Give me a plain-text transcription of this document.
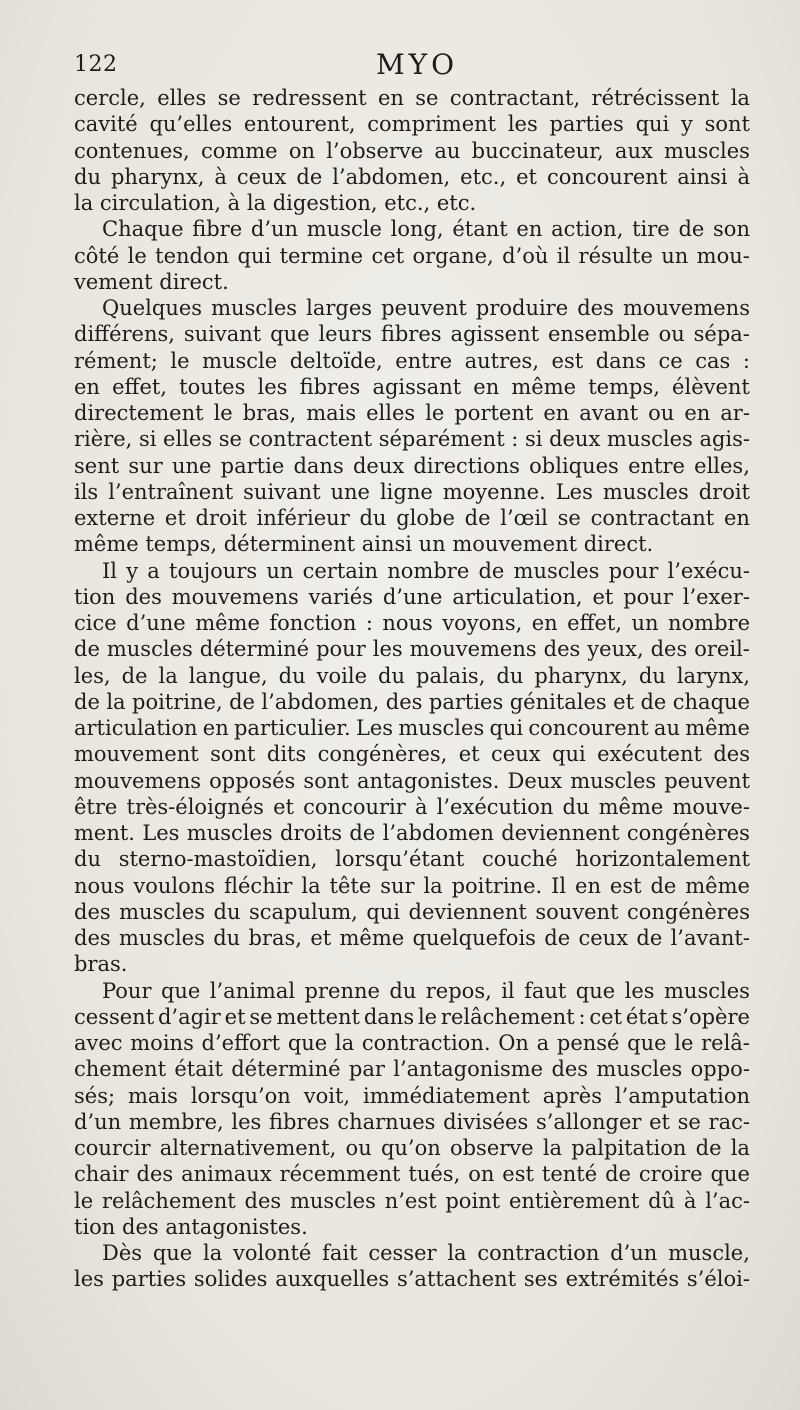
122	MYO
cercle, elles se redressent en se contractant, rétrécissent la
cavité qu’elles entourent, compriment les parties qui y sont
contenues, comme on l’observe au buccinateur, aux muscles
du pharynx, à ceux de l’abdomen, etc., et concourent ainsi à
la circulation, à la digestion, etc., etc.
Chaque fibre d’un muscle long, étant en action, tire de son
côté le tendon qui termine cet organe, d’où il résulte un mou-
vement direct.
Quelques muscles larges peuvent produire des mouvemens
différens, suivant que leurs fibres agissent ensemble ou sépa-
rément; le muscle deltoïde, entre autres, est dans ce cas :
en effet, toutes les fibres agissant en même temps, élèvent
directement le bras, mais elles le portent en avant ou en ar-
rière, si elles se contractent séparément : si deux muscles agis-
sent sur une partie dans deux directions obliques entre elles,
ils l’entraînent suivant une ligne moyenne. Les muscles droit
externe et droit inférieur du globe de l’œil se contractant en
même temps, déterminent ainsi un mouvement direct.
Il y a toujours un certain nombre de muscles pour l’exécu-
tion des mouvemens variés d’une articulation, et pour l’exer-
cice d’une même fonction : nous voyons, en effet, un nombre
de muscles déterminé pour les mouvemens des yeux, des oreil-
les, de la langue, du voile du palais, du pharynx, du larynx,
de la poitrine, de l’abdomen, des parties génitales et de chaque
articulation en particulier. Les muscles qui concourent au même
mouvement sont dits congénères, et ceux qui exécutent des
mouvemens opposés sont antagonistes. Deux muscles peuvent
être très-éloignés et concourir à l’exécution du même mouve-
ment. Les muscles droits de l’abdomen deviennent congénères
du sterno-mastoïdien, lorsqu’étant couché horizontalement
nous voulons fléchir la tête sur la poitrine. Il en est de même
des muscles du scapulum, qui deviennent souvent congénères
des muscles du bras, et même quelquefois de ceux de l’avant-
bras.
Pour que l’animal prenne du repos, il faut que les muscles
cessent d’agir et se mettent dans le relâchement : cet état s’opère
avec moins d’effort que la contraction. On a pensé que le relâ-
chement était déterminé par l’antagonisme des muscles oppo-
sés; mais lorsqu’on voit, immédiatement après l’amputation
d’un membre, les fibres charnues divisées s’allonger et se rac-
courcir alternativement, ou qu’on observe la palpitation de la
chair des animaux récemment tués, on est tenté de croire que
le relâchement des muscles n’est point entièrement dû à l’ac-
tion des antagonistes.
Dès que la volonté fait cesser la contraction d’un muscle,
les parties solides auxquelles s’attachent ses extrémités s’éloi-
